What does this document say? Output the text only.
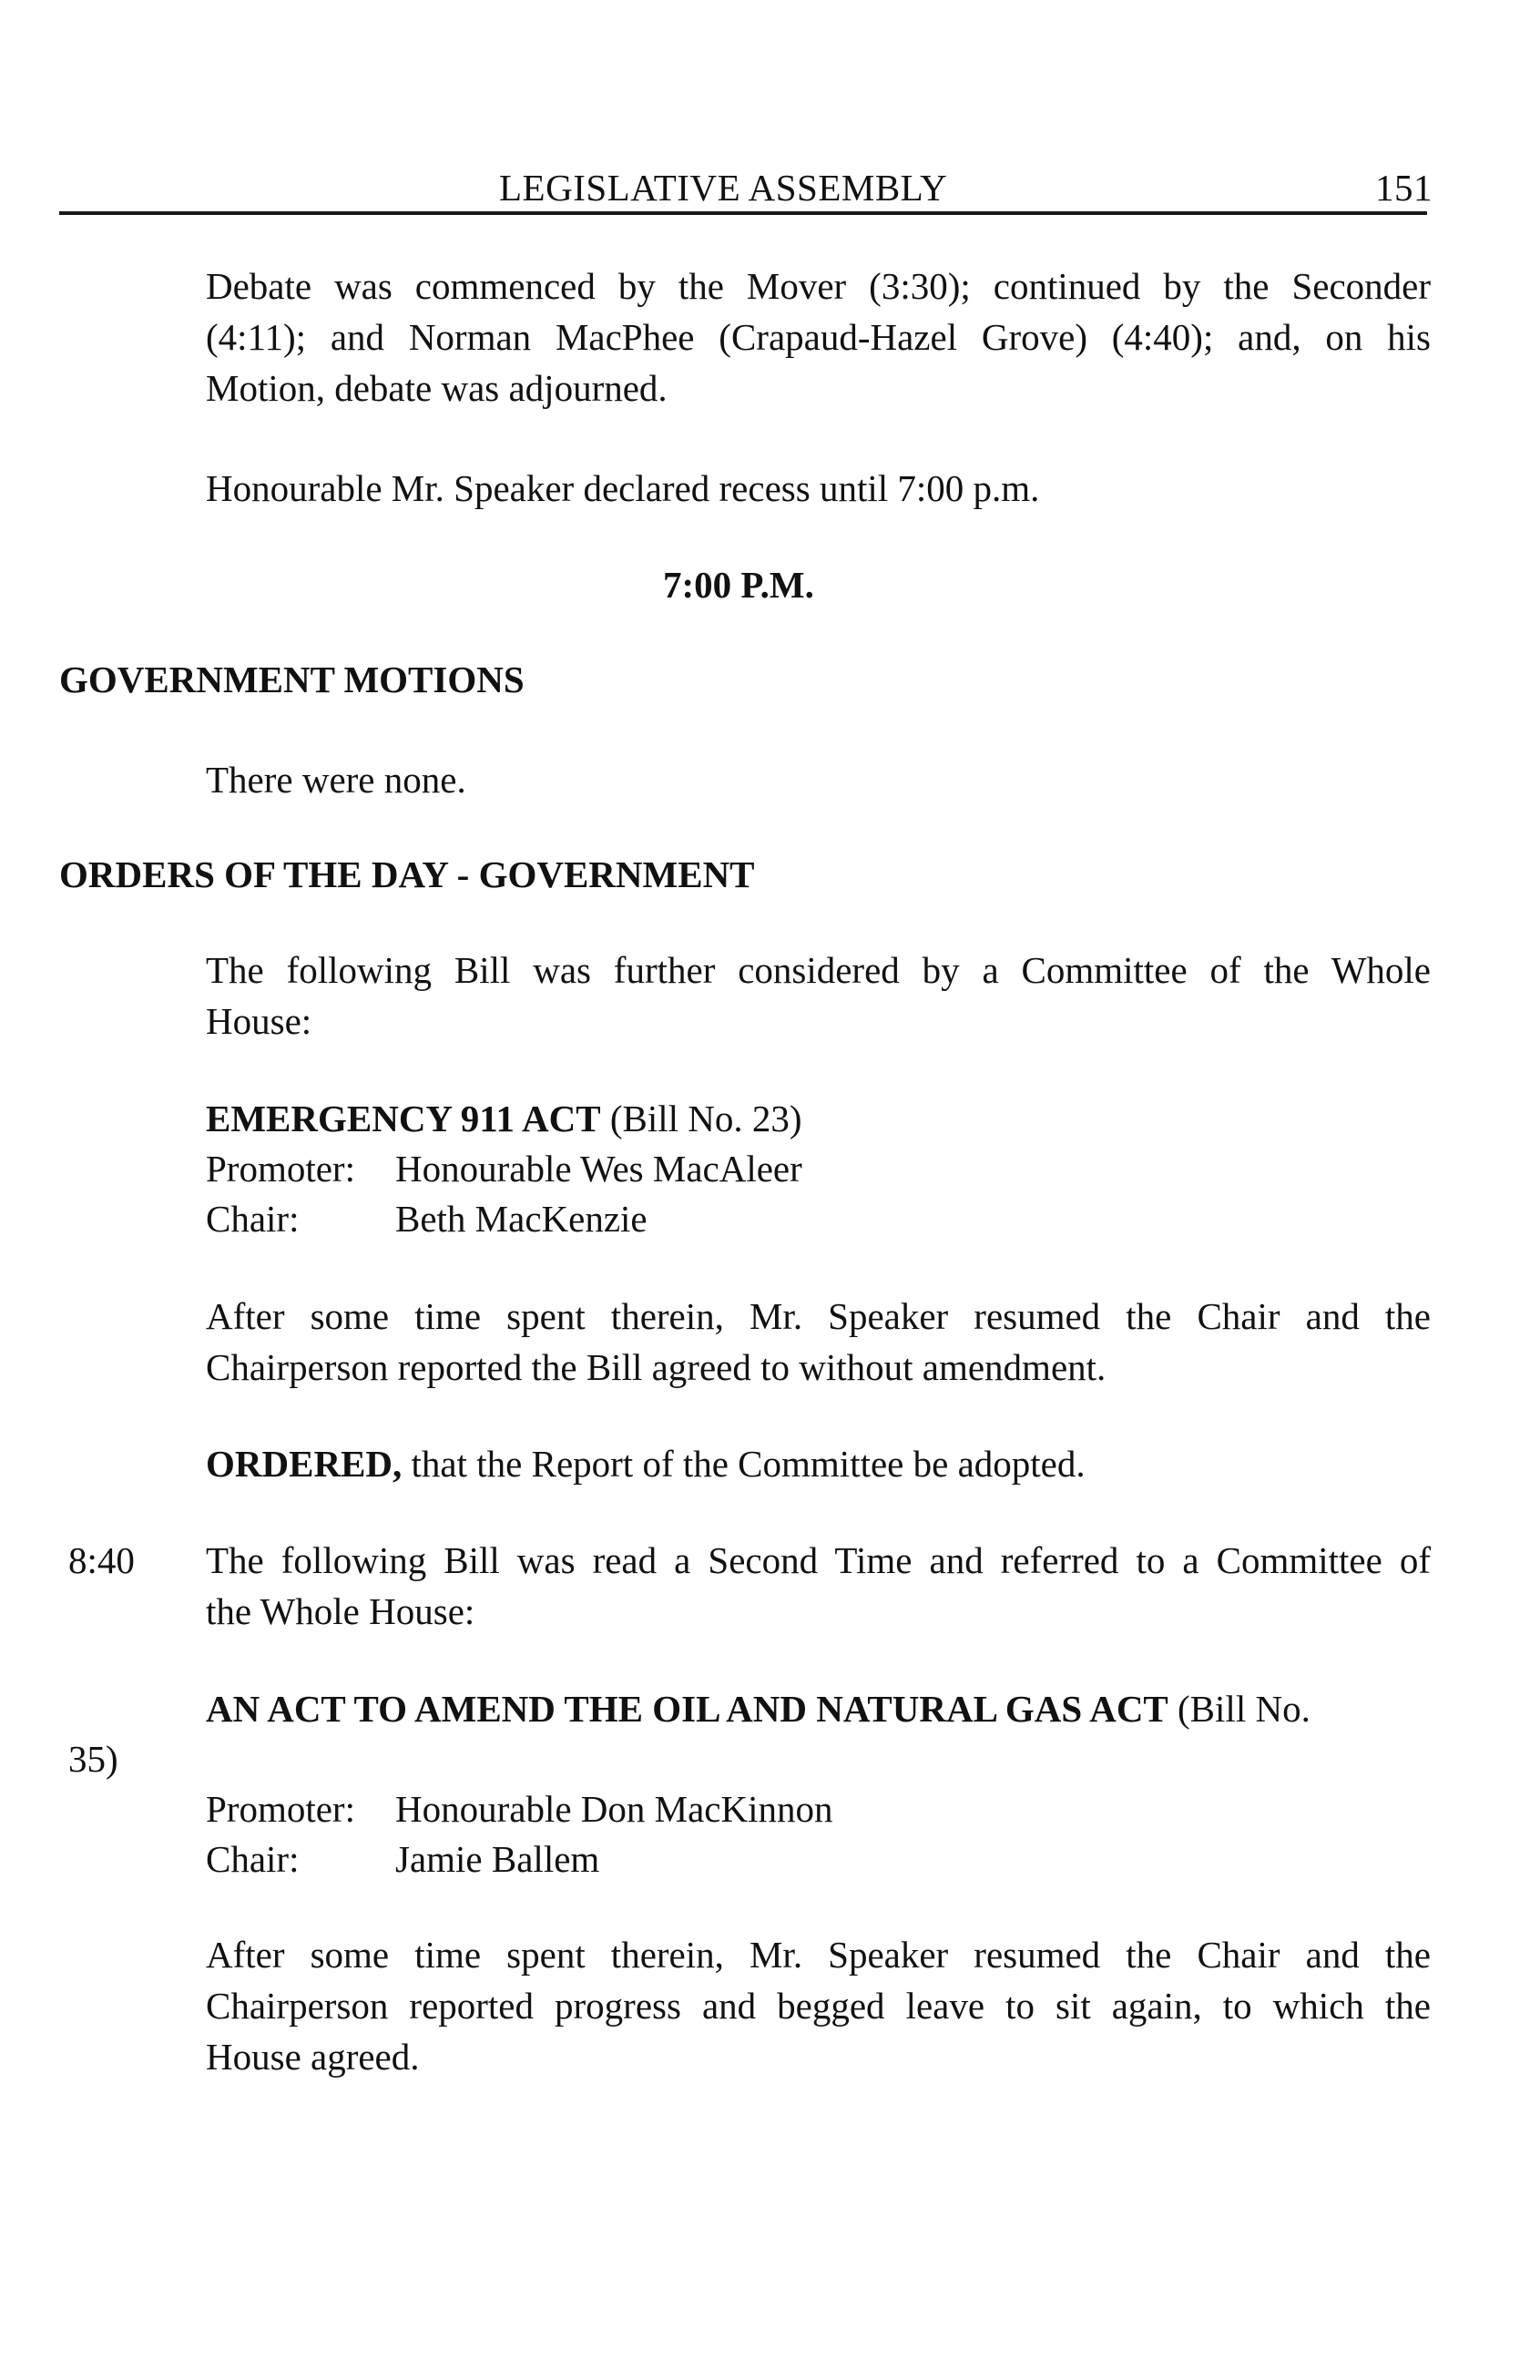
LEGISLATIVE ASSEMBLY	151
Debate was commenced by the Mover (3:30); continued by the Seconder
(4:11); and Norman MacPhee (Crapaud-Hazel Grove) (4:40); and, on his
Motion, debate was adjourned.
Honourable Mr. Speaker declared recess until 7:00 p.m.
7:00 P.M.
GOVERNMENT MOTIONS
There were none.
ORDERS OF THE DAY - GOVERNMENT
The following Bill was further considered by a Committee of the Whole
House:
EMERGENCY 911 ACT (Bill No. 23)
Promoter: Honourable Wes MacAleer
Chair:	Beth MacKenzie
After some time spent therein, Mr. Speaker resumed the Chair and the
Chairperson reported the Bill agreed to without amendment.
ORDERED, that the Report of the Committee be adopted.
8:40 The following Bill was read a Second Time and referred to a Committee of
the Whole House:
AN ACT TO AMEND THE OIL AND NATURAL GAS ACT (Bill No.
35)
Promoter: Honourable Don MacKinnon
Chair:	Jamie Ballem
After some time spent therein, Mr. Speaker resumed the Chair and the
Chairperson reported progress and begged leave to sit again, to which the
House agreed.
